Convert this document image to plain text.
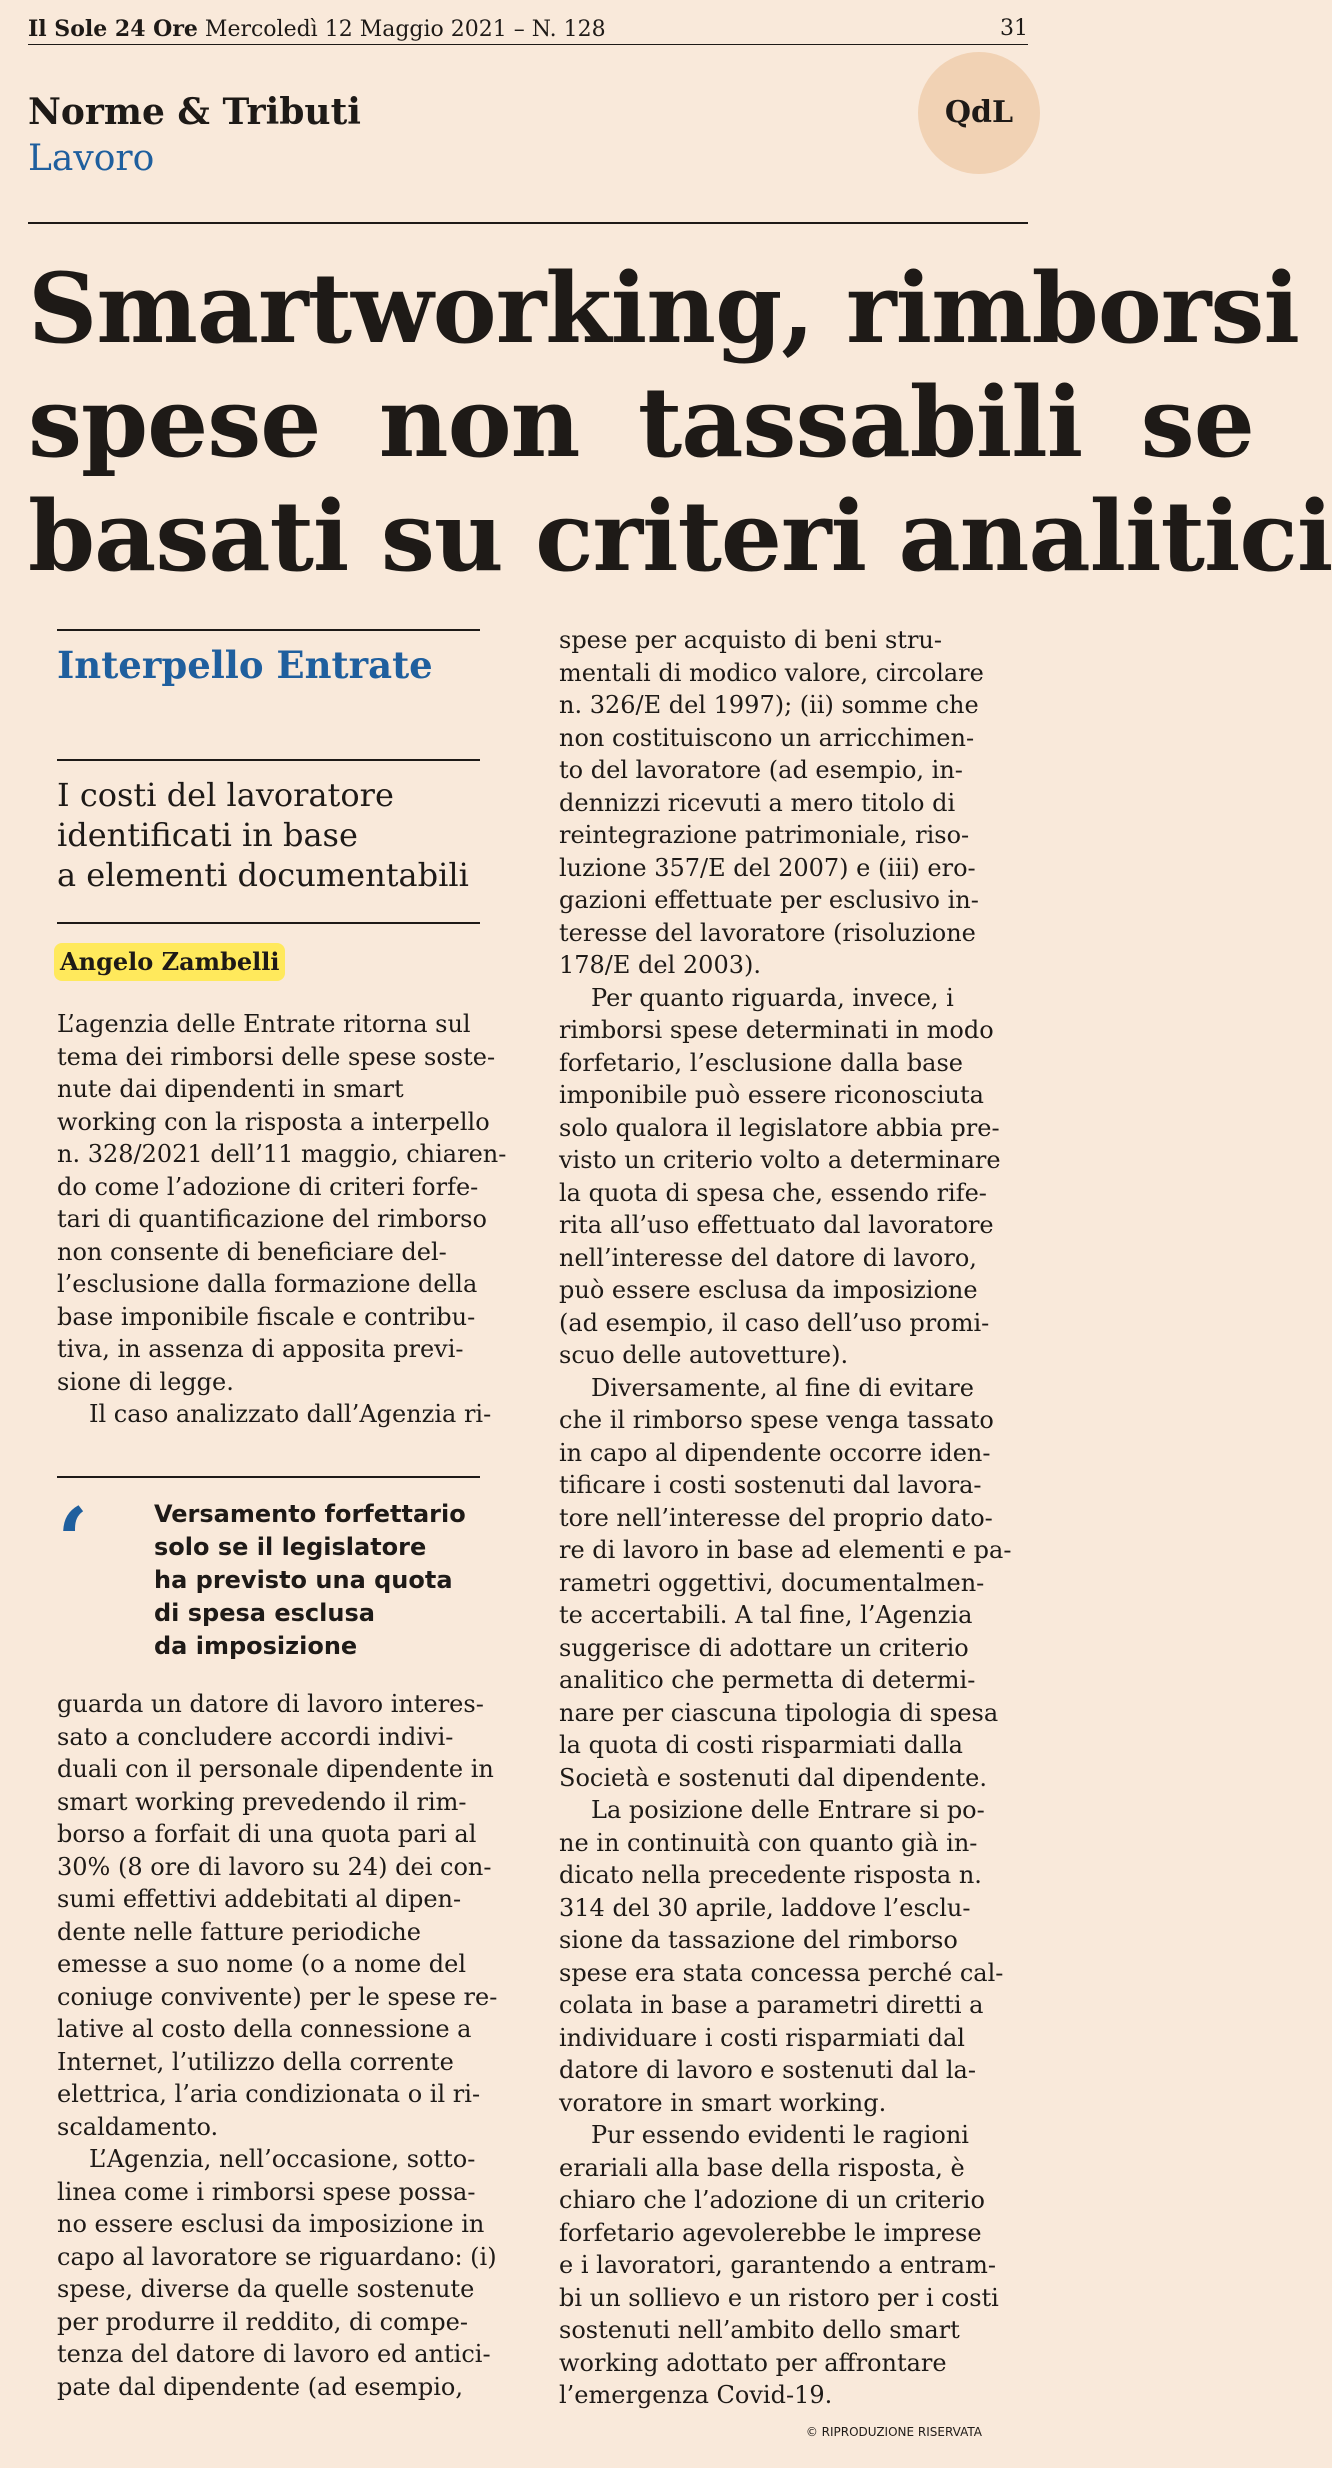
Il Sole 24 Ore Mercoledì 12 Maggio 2021 – N. 128	31
Norme & Tributi
Lavoro
QdL
Smartworking, rimborsi
spese non tassabili se
basati su criteri analitici
Interpello Entrate
I costi del lavoratore
identificati in base
a elementi documentabili
Angelo Zambelli
L’agenzia delle Entrate ritorna sul
tema dei rimborsi delle spese soste-
nute dai dipendenti in smart
working con la risposta a interpello
n. 328/2021 dell’11 maggio, chiaren-
do come l’adozione di criteri forfe-
tari di quantificazione del rimborso
non consente di beneficiare del-
l’esclusione dalla formazione della
base imponibile fiscale e contribu-
tiva, in assenza di apposita previ-
sione di legge.
Il caso analizzato dall’Agenzia ri-
‘	Versamento forfettario
solo se il legislatore
ha previsto una quota
di spesa esclusa
da imposizione
guarda un datore di lavoro interes-
sato a concludere accordi indivi-
duali con il personale dipendente in
smart working prevedendo il rim-
borso a forfait di una quota pari al
30% (8 ore di lavoro su 24) dei con-
sumi effettivi addebitati al dipen-
dente nelle fatture periodiche
emesse a suo nome (o a nome del
coniuge convivente) per le spese re-
lative al costo della connessione a
Internet, l’utilizzo della corrente
elettrica, l’aria condizionata o il ri-
scaldamento.
L’Agenzia, nell’occasione, sotto-
linea come i rimborsi spese possa-
no essere esclusi da imposizione in
capo al lavoratore se riguardano: (i)
spese, diverse da quelle sostenute
per produrre il reddito, di compe-
tenza del datore di lavoro ed antici-
pate dal dipendente (ad esempio,
spese per acquisto di beni stru-
mentali di modico valore, circolare
n. 326/E del 1997); (ii) somme che
non costituiscono un arricchimen-
to del lavoratore (ad esempio, in-
dennizzi ricevuti a mero titolo di
reintegrazione patrimoniale, riso-
luzione 357/E del 2007) e (iii) ero-
gazioni effettuate per esclusivo in-
teresse del lavoratore (risoluzione
178/E del 2003).
Per quanto riguarda, invece, i
rimborsi spese determinati in modo
forfetario, l’esclusione dalla base
imponibile può essere riconosciuta
solo qualora il legislatore abbia pre-
visto un criterio volto a determinare
la quota di spesa che, essendo rife-
rita all’uso effettuato dal lavoratore
nell’interesse del datore di lavoro,
può essere esclusa da imposizione
(ad esempio, il caso dell’uso promi-
scuo delle autovetture).
Diversamente, al fine di evitare
che il rimborso spese venga tassato
in capo al dipendente occorre iden-
tificare i costi sostenuti dal lavora-
tore nell’interesse del proprio dato-
re di lavoro in base ad elementi e pa-
rametri oggettivi, documentalmen-
te accertabili. A tal fine, l’Agenzia
suggerisce di adottare un criterio
analitico che permetta di determi-
nare per ciascuna tipologia di spesa
la quota di costi risparmiati dalla
Società e sostenuti dal dipendente.
La posizione delle Entrare si po-
ne in continuità con quanto già in-
dicato nella precedente risposta n.
314 del 30 aprile, laddove l’esclu-
sione da tassazione del rimborso
spese era stata concessa perché cal-
colata in base a parametri diretti a
individuare i costi risparmiati dal
datore di lavoro e sostenuti dal la-
voratore in smart working.
Pur essendo evidenti le ragioni
erariali alla base della risposta, è
chiaro che l’adozione di un criterio
forfetario agevolerebbe le imprese
e i lavoratori, garantendo a entram-
bi un sollievo e un ristoro per i costi
sostenuti nell’ambito dello smart
working adottato per affrontare
l’emergenza Covid-19.
© RIPRODUZIONE RISERVATA
